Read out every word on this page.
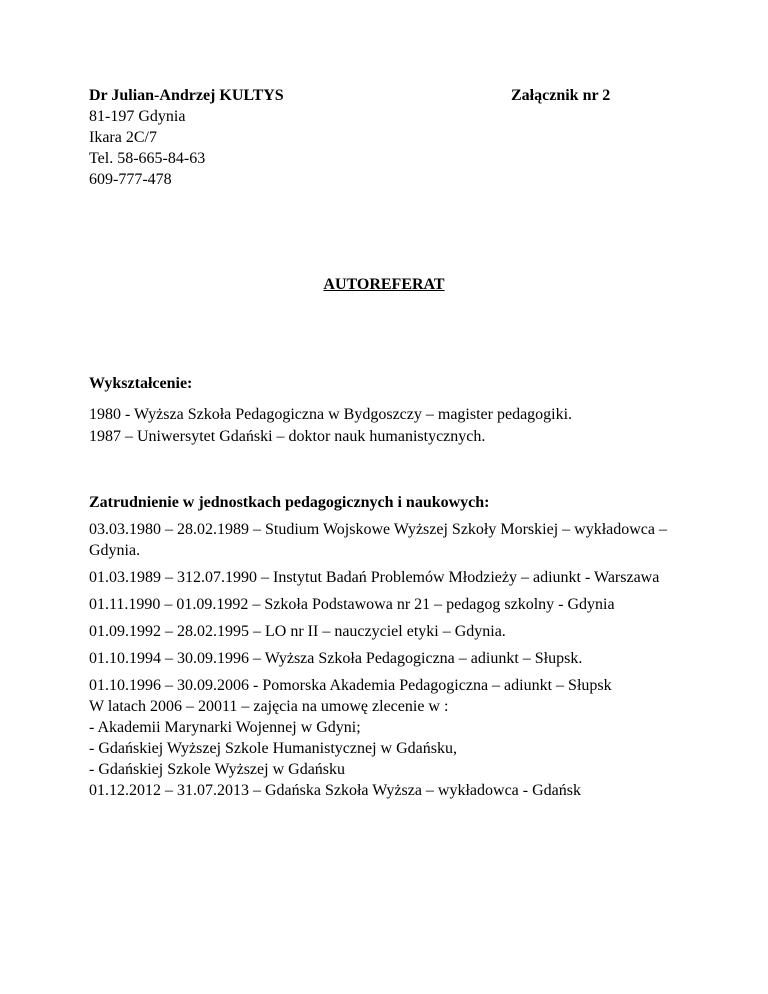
Dr Julian-Andrzej KULTYS
81-197 Gdynia
Ikara 2C/7
Tel. 58-665-84-63
609-777-478
Załącznik nr 2
AUTOREFERAT
Wykształcenie:
1980 - Wyższa Szkoła Pedagogiczna w Bydgoszczy – magister pedagogiki.
1987 – Uniwersytet Gdański – doktor nauk humanistycznych.
Zatrudnienie w jednostkach pedagogicznych i naukowych:

03.03.1980 – 28.02.1989 – Studium Wojskowe Wyższej Szkoły Morskiej – wykładowca – Gdynia.

01.03.1989 – 312.07.1990 – Instytut Badań Problemów Młodzieży – adiunkt - Warszawa

01.11.1990 – 01.09.1992 – Szkoła Podstawowa nr 21 – pedagog szkolny - Gdynia

01.09.1992 – 28.02.1995 – LO nr II – nauczyciel etyki – Gdynia.

01.10.1994 – 30.09.1996 – Wyższa Szkoła Pedagogiczna – adiunkt – Słupsk.

01.10.1996 – 30.09.2006 - Pomorska Akademia Pedagogiczna – adiunkt – Słupsk

W latach 2006 – 20011 – zajęcia na umowę zlecenie w :
- Akademii Marynarki Wojennej w Gdyni;
- Gdańskiej Wyższej Szkole Humanistycznej w Gdańsku,
- Gdańskiej Szkole Wyższej w Gdańsku
01.12.2012 – 31.07.2013 – Gdańska Szkoła Wyższa – wykładowca - Gdańsk
